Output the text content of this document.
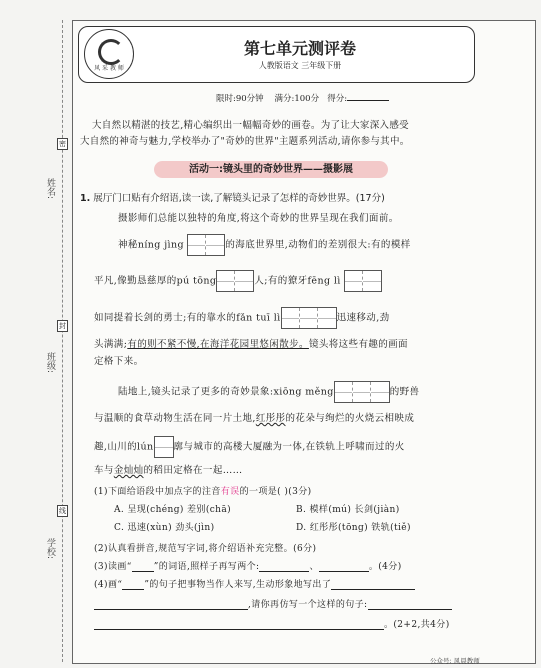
姓名:
班级:
学校:
密
封
线
风 采 教 师
第七单元测评卷
人教版语文 三年级下册
限时:90分钟 满分:100分 得分:
大自然以精湛的技艺,精心编织出一幅幅奇妙的画卷。为了让大家深入感受
大自然的神奇与魅力,学校举办了"奇妙的世界"主题系列活动,请你参与其中。
活动一:镜头里的奇妙世界——摄影展
1. 展厅门口贴有介绍语,读一读,了解镜头记录了怎样的奇妙世界。(17分)
摄影师们总能以独特的角度,将这个奇妙的世界呈现在我们面前。
神秘níng jìng	的海底世界里,动物们的差别很大:有的模样
平凡,像勤恳慈厚的pú tōng	人;有的獠牙fēng lì
如同提着长剑的勇士;有的靠水的fǎn tuī lì	迅速移动,劲
头满满;有的则不紧不慢,在海洋花园里悠闲散步。镜头将这些有趣的画面
定格下来。
陆地上,镜头记录了更多的奇妙景象:xiōng měng	的野兽
与温顺的食草动物生活在同一片土地,红彤彤的花朵与绚烂的火烧云相映成
趣,山川的lún 廓与城市的高楼大厦融为一体,在铁轨上呼啸而过的火
车与金灿灿的稻田定格在一起……
(1)下面给语段中加点字的注音有误的一项是( )(3分)
A. 呈现(chéng) 差别(chā)	B. 模样(mú) 长剑(jiàn)
C. 迅速(xùn) 劲头(jìn)	D. 红彤彤(tōng) 铁轨(tiě)
(2)认真看拼音,规范写字词,将介绍语补充完整。(6分)
(3)读画“ ”的词语,照样子再写两个:	、	。(4分)
(4)画“ ”的句子把事物当作人来写,生动形象地写出了
,请你再仿写一个这样的句子:
。(2+2,共4分)
公众号: 风晨教师
